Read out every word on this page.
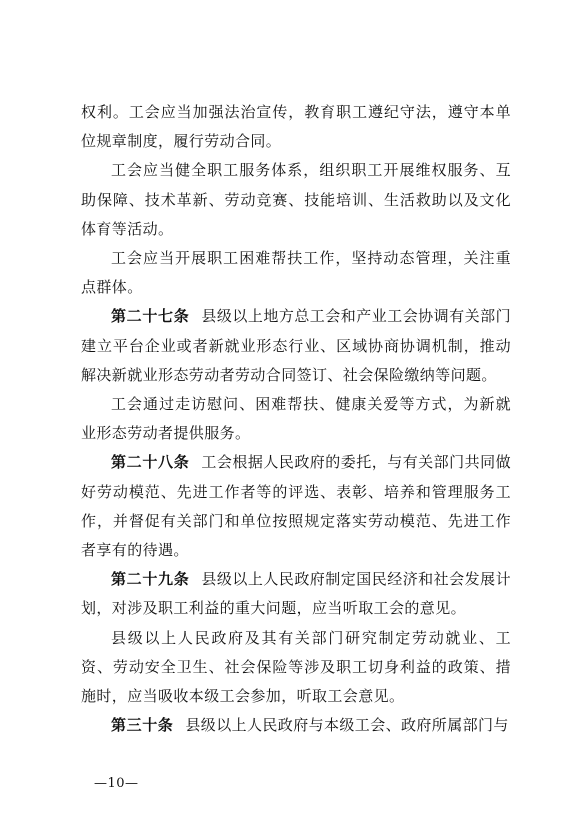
权利。工会应当加强法治宣传，教育职工遵纪守法，遵守本单位规章制度，履行劳动合同。

工会应当健全职工服务体系，组织职工开展维权服务、互助保障、技术革新、劳动竞赛、技能培训、生活救助以及文化体育等活动。

工会应当开展职工困难帮扶工作，坚持动态管理，关注重点群体。

第二十七条 县级以上地方总工会和产业工会协调有关部门建立平台企业或者新就业形态行业、区域协商协调机制，推动解决新就业形态劳动者劳动合同签订、社会保险缴纳等问题。

工会通过走访慰问、困难帮扶、健康关爱等方式，为新就业形态劳动者提供服务。

第二十八条 工会根据人民政府的委托，与有关部门共同做好劳动模范、先进工作者等的评选、表彰、培养和管理服务工作，并督促有关部门和单位按照规定落实劳动模范、先进工作者享有的待遇。

第二十九条 县级以上人民政府制定国民经济和社会发展计划，对涉及职工利益的重大问题，应当听取工会的意见。

县级以上人民政府及其有关部门研究制定劳动就业、工资、劳动安全卫生、社会保险等涉及职工切身利益的政策、措施时，应当吸收本级工会参加，听取工会意见。

第三十条 县级以上人民政府与本级工会、政府所属部门与

—10—
